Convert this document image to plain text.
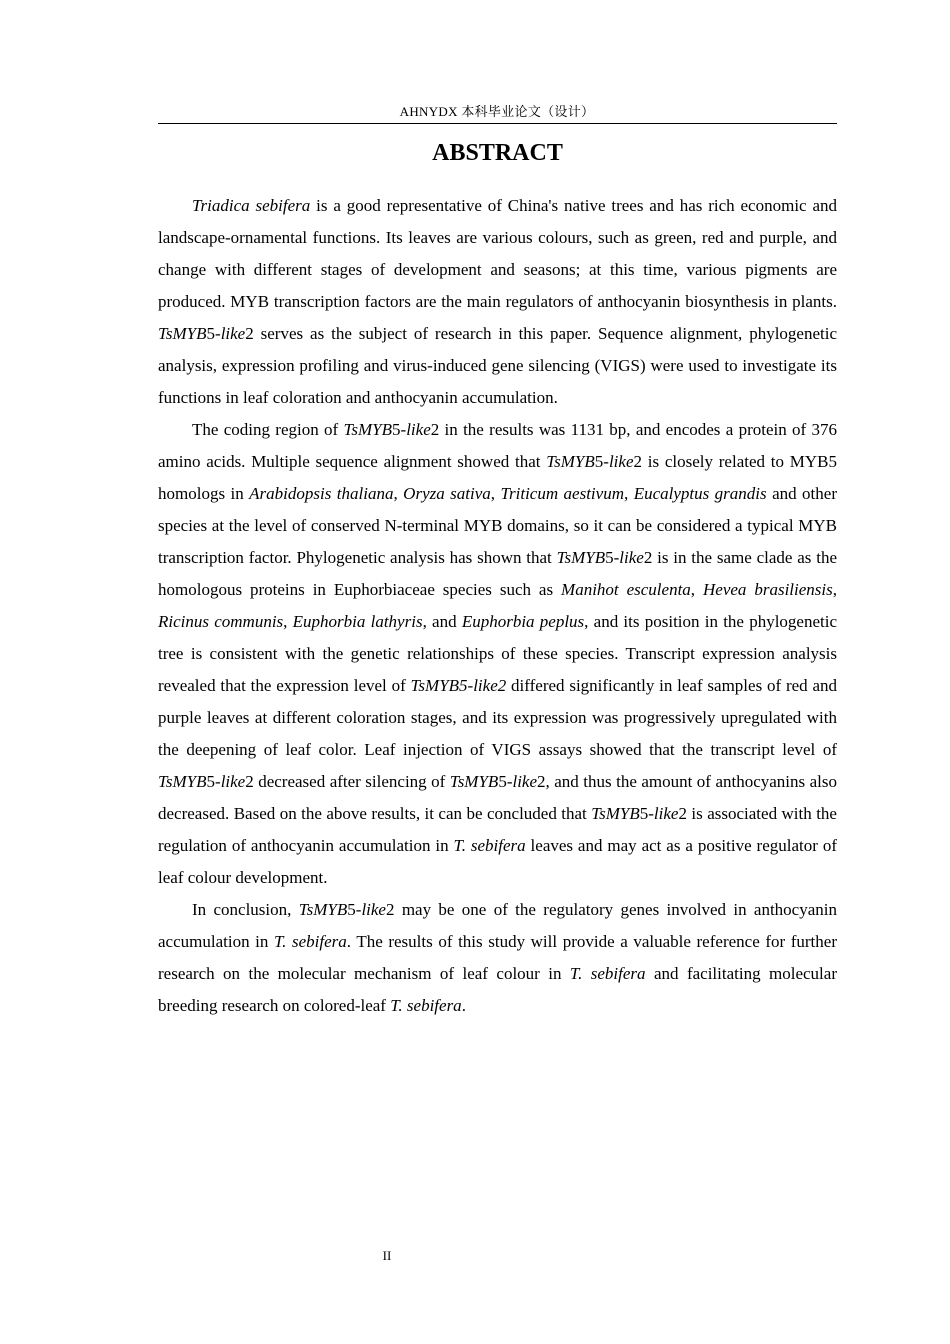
AHNYDX 本科毕业论文（设计）
ABSTRACT

Triadica sebifera is a good representative of China's native trees and has rich economic and landscape-ornamental functions. Its leaves are various colours, such as green, red and purple, and change with different stages of development and seasons; at this time, various pigments are produced. MYB transcription factors are the main regulators of anthocyanin biosynthesis in plants. TsMYB5-like2 serves as the subject of research in this paper. Sequence alignment, phylogenetic analysis, expression profiling and virus-induced gene silencing (VIGS) were used to investigate its functions in leaf coloration and anthocyanin accumulation.

The coding region of TsMYB5-like2 in the results was 1131 bp, and encodes a protein of 376 amino acids. Multiple sequence alignment showed that TsMYB5-like2 is closely related to MYB5 homologs in Arabidopsis thaliana, Oryza sativa, Triticum aestivum, Eucalyptus grandis and other species at the level of conserved N-terminal MYB domains, so it can be considered a typical MYB transcription factor. Phylogenetic analysis has shown that TsMYB5-like2 is in the same clade as the homologous proteins in Euphorbiaceae species such as Manihot esculenta, Hevea brasiliensis, Ricinus communis, Euphorbia lathyris, and Euphorbia peplus, and its position in the phylogenetic tree is consistent with the genetic relationships of these species. Transcript expression analysis revealed that the expression level of TsMYB5-like2 differed significantly in leaf samples of red and purple leaves at different coloration stages, and its expression was progressively upregulated with the deepening of leaf color. Leaf injection of VIGS assays showed that the transcript level of TsMYB5-like2 decreased after silencing of TsMYB5-like2, and thus the amount of anthocyanins also decreased. Based on the above results, it can be concluded that TsMYB5-like2 is associated with the regulation of anthocyanin accumulation in T. sebifera leaves and may act as a positive regulator of leaf colour development.

In conclusion, TsMYB5-like2 may be one of the regulatory genes involved in anthocyanin accumulation in T. sebifera. The results of this study will provide a valuable reference for further research on the molecular mechanism of leaf colour in T. sebifera and facilitating molecular breeding research on colored-leaf T. sebifera.

II
